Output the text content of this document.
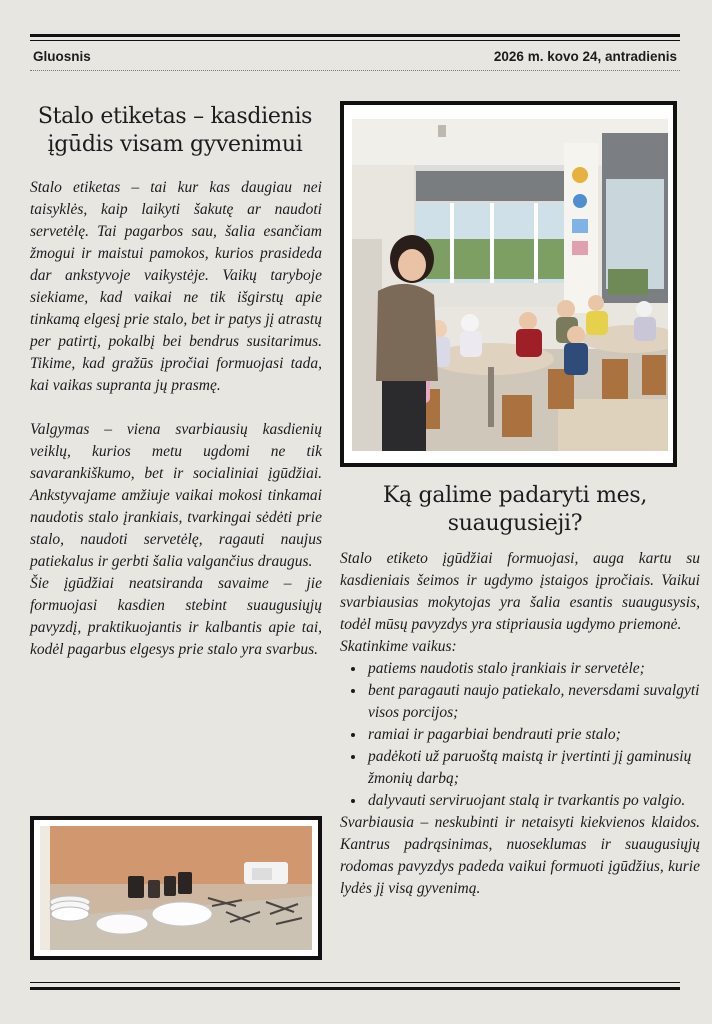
Gluosnis	2026 m. kovo 24, antradienis
Stalo etiketas – kasdienis
įgūdis visam gyvenimui

Stalo etiketas – tai kur kas daugiau nei taisyklės, kaip laikyti šakutę ar naudoti servetėlę. Tai pagarbos sau, šalia esančiam žmogui ir maistui pamokos, kurios prasideda dar ankstyvoje vaikystėje. Vaikų taryboje siekiame, kad vaikai ne tik išgirstų apie tinkamą elgesį prie stalo, bet ir patys jį atrastų per patirtį, pokalbį bei bendrus susitarimus. Tikime, kad gražūs įpročiai formuojasi tada, kai vaikas supranta jų prasmę.

Valgymas – viena svarbiausių kasdienių veiklų, kurios metu ugdomi ne tik savarankiškumo, bet ir socialiniai įgūdžiai. Ankstyvajame amžiuje vaikai mokosi tinkamai naudotis stalo įrankiais, tvarkingai sėdėti prie stalo, naudoti servetėlę, ragauti naujus patiekalus ir gerbti šalia valgančius draugus.

Šie įgūdžiai neatsiranda savaime – jie formuojasi kasdien stebint suaugusiųjų pavyzdį, praktikuojantis ir kalbantis apie tai, kodėl pagarbus elgesys prie stalo yra svarbus.

Ką galime padaryti mes,
suaugusieji?

Stalo etiketo įgūdžiai formuojasi, auga kartu su kasdieniais šeimos ir ugdymo įstaigos įpročiais. Vaikui svarbiausias mokytojas yra šalia esantis suaugusysis, todėl mūsų pavyzdys yra stipriausia ugdymo priemonė.

Skatinkime vaikus:

• patiems naudotis stalo įrankiais ir servetėle;
• bent paragauti naujo patiekalo, neversdami suvalgyti visos porcijos;
• ramiai ir pagarbiai bendrauti prie stalo;
• padėkoti už paruoštą maistą ir įvertinti jį gaminusių žmonių darbą;
• dalyvauti serviruojant stalą ir tvarkantis po valgio.

Svarbiausia – neskubinti ir netaisyti kiekvienos klaidos. Kantrus padrąsinimas, nuoseklumas ir suaugusiųjų rodomas pavyzdys padeda vaikui formuoti įgūdžius, kurie lydės jį visą gyvenimą.
